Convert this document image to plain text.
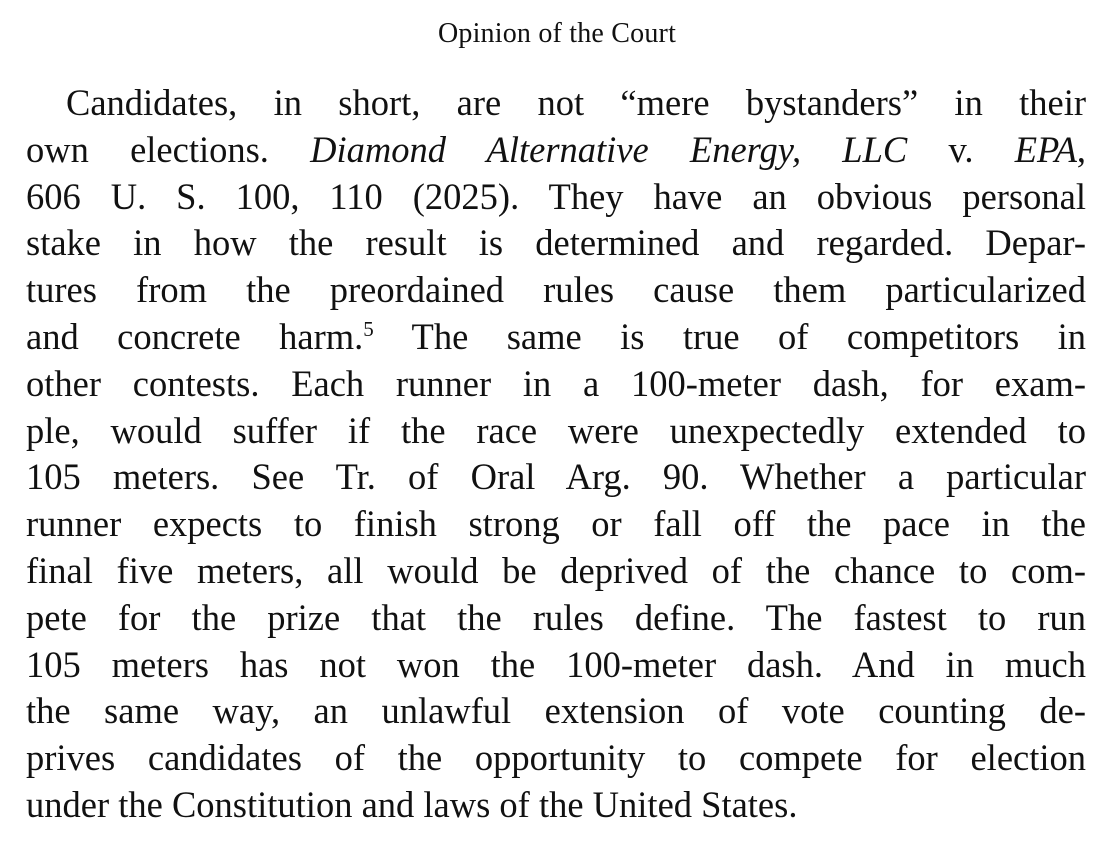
Opinion of the Court
Candidates, in short, are not “mere bystanders” in their
own elections. Diamond Alternative Energy, LLC v. EPA,
606 U. S. 100, 110 (2025). They have an obvious personal
stake in how the result is determined and regarded. Depar-
tures from the preordained rules cause them particularized
and concrete harm.$^5$ The same is true of competitors in
other contests. Each runner in a 100-meter dash, for exam-
ple, would suffer if the race were unexpectedly extended to
105 meters. See Tr. of Oral Arg. 90. Whether a particular
runner expects to finish strong or fall off the pace in the
final five meters, all would be deprived of the chance to com-
pete for the prize that the rules define. The fastest to run
105 meters has not won the 100-meter dash. And in much
the same way, an unlawful extension of vote counting de-
prives candidates of the opportunity to compete for election
under the Constitution and laws of the United States.
